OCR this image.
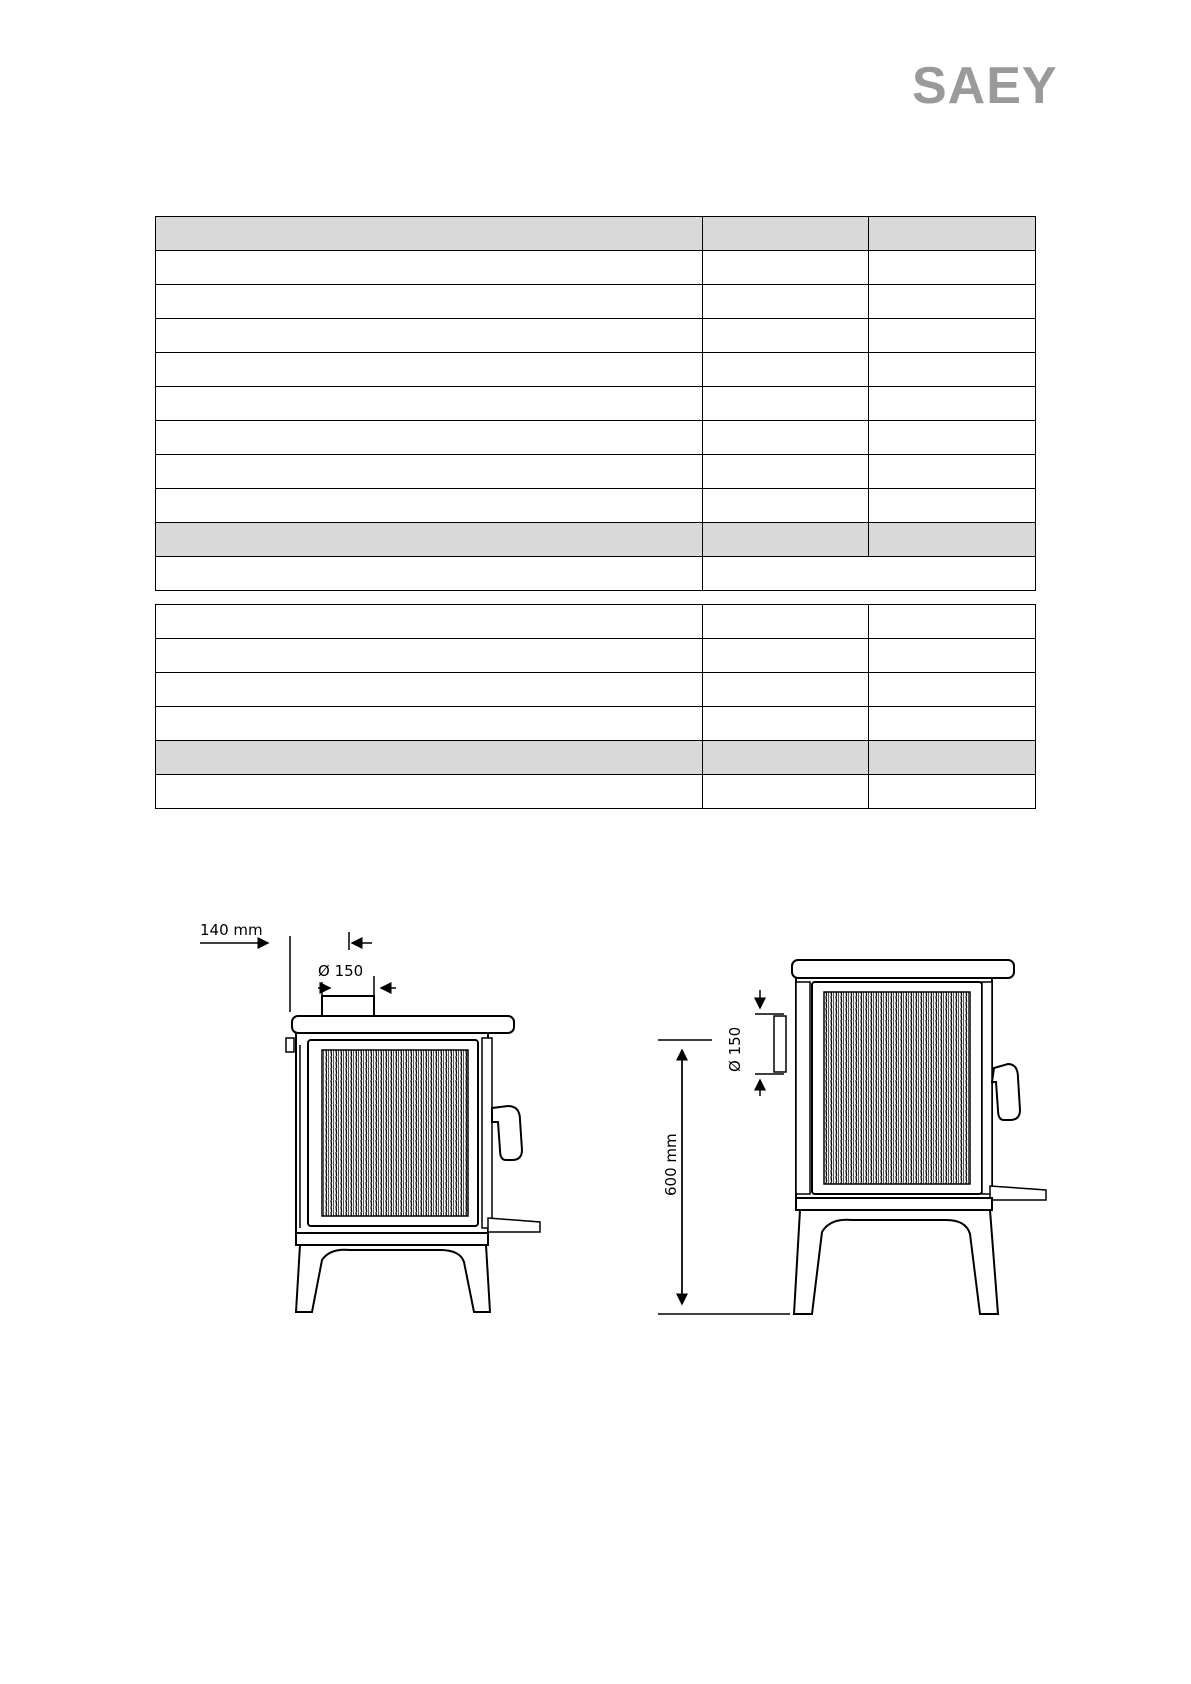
SAEY

140 mm
Ø 150
Ø 150
600 mm
